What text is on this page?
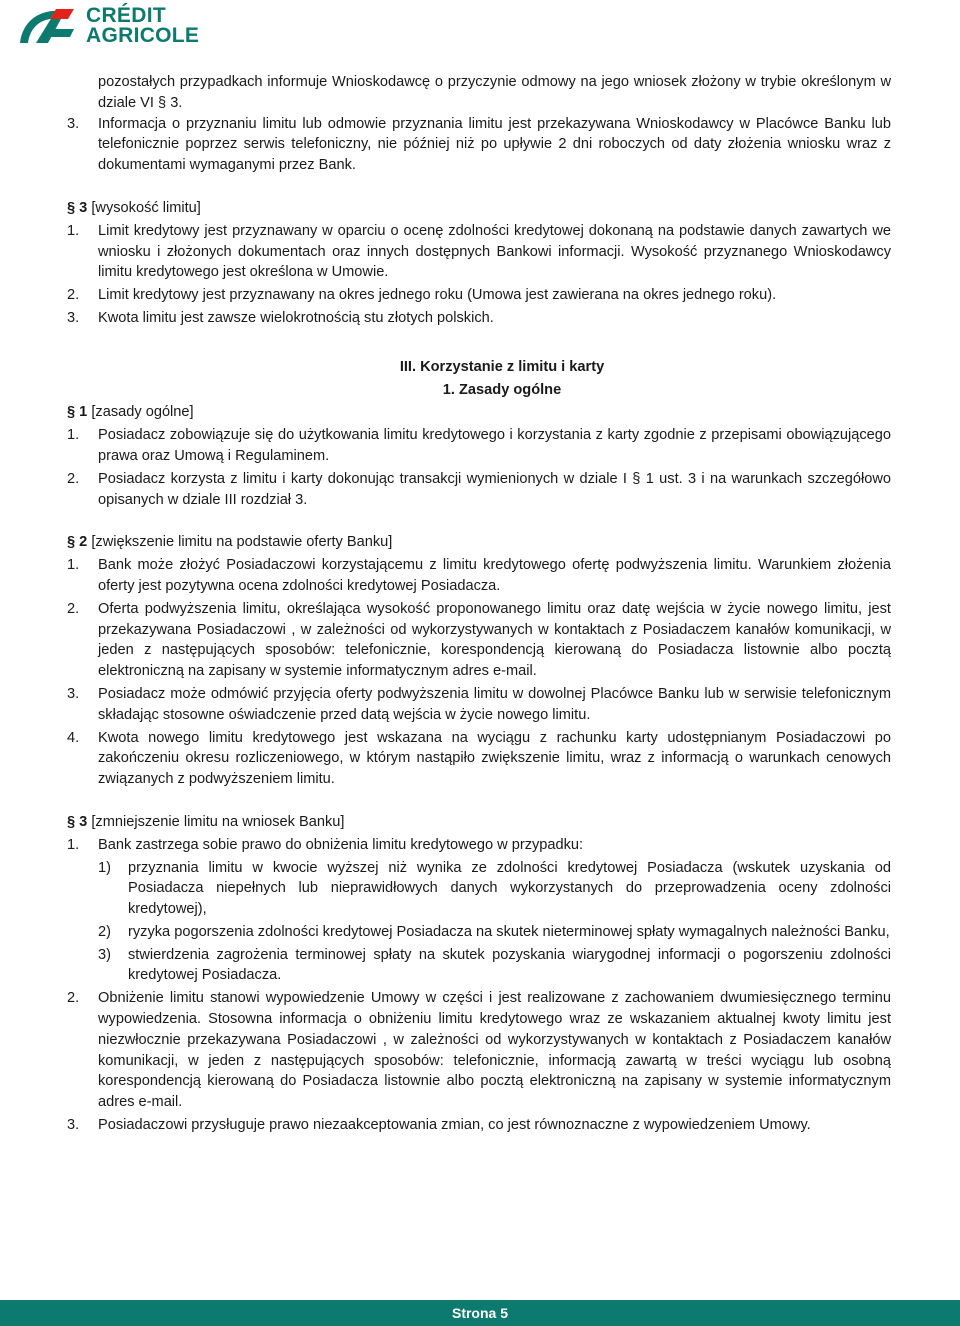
CRÉDIT
AGRICOLE
pozostałych przypadkach informuje Wnioskodawcę o przyczynie odmowy na jego wniosek złożony w trybie określonym w dziale VI § 3.
3.	Informacja o przyznaniu limitu lub odmowie przyznania limitu jest przekazywana Wnioskodawcy w Placówce Banku lub telefonicznie poprzez serwis telefoniczny, nie później niż po upływie 2 dni roboczych od daty złożenia wniosku wraz z dokumentami wymaganymi przez Bank.
§ 3 [wysokość limitu]
1.	Limit kredytowy jest przyznawany w oparciu o ocenę zdolności kredytowej dokonaną na podstawie danych zawartych we wniosku i złożonych dokumentach oraz innych dostępnych Bankowi informacji. Wysokość przyznanego Wnioskodawcy limitu kredytowego jest określona w Umowie.
2.	Limit kredytowy jest przyznawany na okres jednego roku (Umowa jest zawierana na okres jednego roku).
3.	Kwota limitu jest zawsze wielokrotnością stu złotych polskich.
III. Korzystanie z limitu i karty
1. Zasady ogólne
§ 1 [zasady ogólne]
1.	Posiadacz zobowiązuje się do użytkowania limitu kredytowego i korzystania z karty zgodnie z przepisami obowiązującego prawa oraz Umową i Regulaminem.
2.	Posiadacz korzysta z limitu i karty dokonując transakcji wymienionych w dziale I § 1 ust. 3 i na warunkach szczegółowo opisanych w dziale III rozdział 3.
§ 2 [zwiększenie limitu na podstawie oferty Banku]
1.	Bank może złożyć Posiadaczowi korzystającemu z limitu kredytowego ofertę podwyższenia limitu. Warunkiem złożenia oferty jest pozytywna ocena zdolności kredytowej Posiadacza.
2.	Oferta podwyższenia limitu, określająca wysokość proponowanego limitu oraz datę wejścia w życie nowego limitu, jest przekazywana Posiadaczowi , w zależności od wykorzystywanych w kontaktach z Posiadaczem kanałów komunikacji, w jeden z następujących sposobów: telefonicznie, korespondencją kierowaną do Posiadacza listownie albo pocztą elektroniczną na zapisany w systemie informatycznym adres e-mail.
3.	Posiadacz może odmówić przyjęcia oferty podwyższenia limitu w dowolnej Placówce Banku lub w serwisie telefonicznym składając stosowne oświadczenie przed datą wejścia w życie nowego limitu.
4.	Kwota nowego limitu kredytowego jest wskazana na wyciągu z rachunku karty udostępnianym Posiadaczowi po zakończeniu okresu rozliczeniowego, w którym nastąpiło zwiększenie limitu, wraz z informacją o warunkach cenowych związanych z podwyższeniem limitu.
§ 3 [zmniejszenie limitu na wniosek Banku]
1.	Bank zastrzega sobie prawo do obniżenia limitu kredytowego w przypadku:
1)	przyznania limitu w kwocie wyższej niż wynika ze zdolności kredytowej Posiadacza (wskutek uzyskania od Posiadacza niepełnych lub nieprawidłowych danych wykorzystanych do przeprowadzenia oceny zdolności kredytowej),
2)	ryzyka pogorszenia zdolności kredytowej Posiadacza na skutek nieterminowej spłaty wymagalnych należności Banku,
3)	stwierdzenia zagrożenia terminowej spłaty na skutek pozyskania wiarygodnej informacji o pogorszeniu zdolności kredytowej Posiadacza.
2.	Obniżenie limitu stanowi wypowiedzenie Umowy w części i jest realizowane z zachowaniem dwumiesięcznego terminu wypowiedzenia. Stosowna informacja o obniżeniu limitu kredytowego wraz ze wskazaniem aktualnej kwoty limitu jest niezwłocznie przekazywana Posiadaczowi , w zależności od wykorzystywanych w kontaktach z Posiadaczem kanałów komunikacji, w jeden z następujących sposobów: telefonicznie, informacją zawartą w treści wyciągu lub osobną korespondencją kierowaną do Posiadacza listownie albo pocztą elektroniczną na zapisany w systemie informatycznym adres e-mail.
3.	Posiadaczowi przysługuje prawo niezaakceptowania zmian, co jest równoznaczne z wypowiedzeniem Umowy.
Strona 5
